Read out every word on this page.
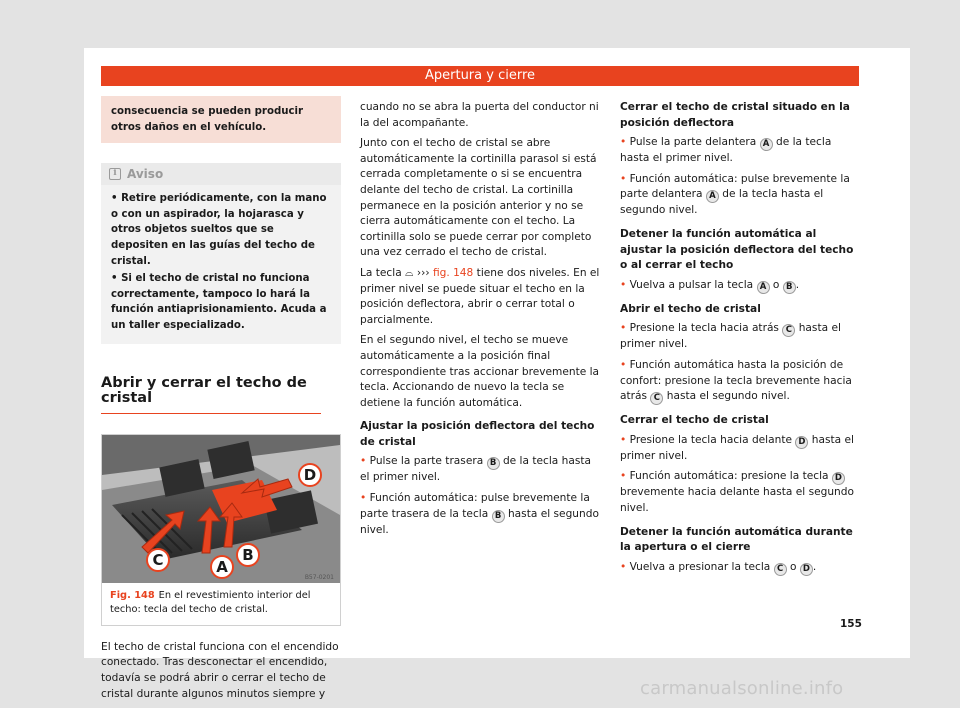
Apertura y cierre
consecuencia se pueden producir otros daños en el vehículo.
i Aviso

• Retire periódicamente, con la mano o con un aspirador, la hojarasca y otros objetos sueltos que se depositen en las guías del techo de cristal.

• Si el techo de cristal no funciona correctamente, tampoco lo hará la función antiaprisionamiento. Acuda a un taller especializado.

Abrir y cerrar el techo de cristal
D
C	A
B
B57-0201
Fig. 148 En el revestimiento interior del techo: tecla del techo de cristal.

El techo de cristal funciona con el encendido conectado. Tras desconectar el encendido, todavía se podrá abrir o cerrar el techo de cristal durante algunos minutos siempre y

cuando no se abra la puerta del conductor ni la del acompañante.

Junto con el techo de cristal se abre automáticamente la cortinilla parasol si está cerrada completamente o si se encuentra delante del techo de cristal. La cortinilla permanece en la posición anterior y no se cierra automáticamente con el techo. La cortinilla solo se puede cerrar por completo una vez cerrado el techo de cristal.

La tecla ⌓ ››› fig. 148 tiene dos niveles. En el primer nivel se puede situar el techo en la posición deflectora, abrir o cerrar total o parcialmente.

En el segundo nivel, el techo se mueve automáticamente a la posición final correspondiente tras accionar brevemente la tecla. Accionando de nuevo la tecla se detiene la función automática.

Ajustar la posición deflectora del techo de cristal

• Pulse la parte trasera B de la tecla hasta el primer nivel.

• Función automática: pulse brevemente la parte trasera de la tecla B hasta el segundo nivel.

Cerrar el techo de cristal situado en la posición deflectora

• Pulse la parte delantera A de la tecla hasta el primer nivel.

• Función automática: pulse brevemente la parte delantera A de la tecla hasta el segundo nivel.

Detener la función automática al ajustar la posición deflectora del techo o al cerrar el techo

• Vuelva a pulsar la tecla A o B .

Abrir el techo de cristal

• Presione la tecla hacia atrás C hasta el primer nivel.

• Función automática hasta la posición de confort: presione la tecla brevemente hacia atrás C hasta el segundo nivel.

Cerrar el techo de cristal

• Presione la tecla hacia delante D hasta el primer nivel.

• Función automática: presione la tecla D brevemente hacia delante hasta el segundo nivel.

Detener la función automática durante la apertura o el cierre

• Vuelva a presionar la tecla C o D .

155
carmanualsonline.info
